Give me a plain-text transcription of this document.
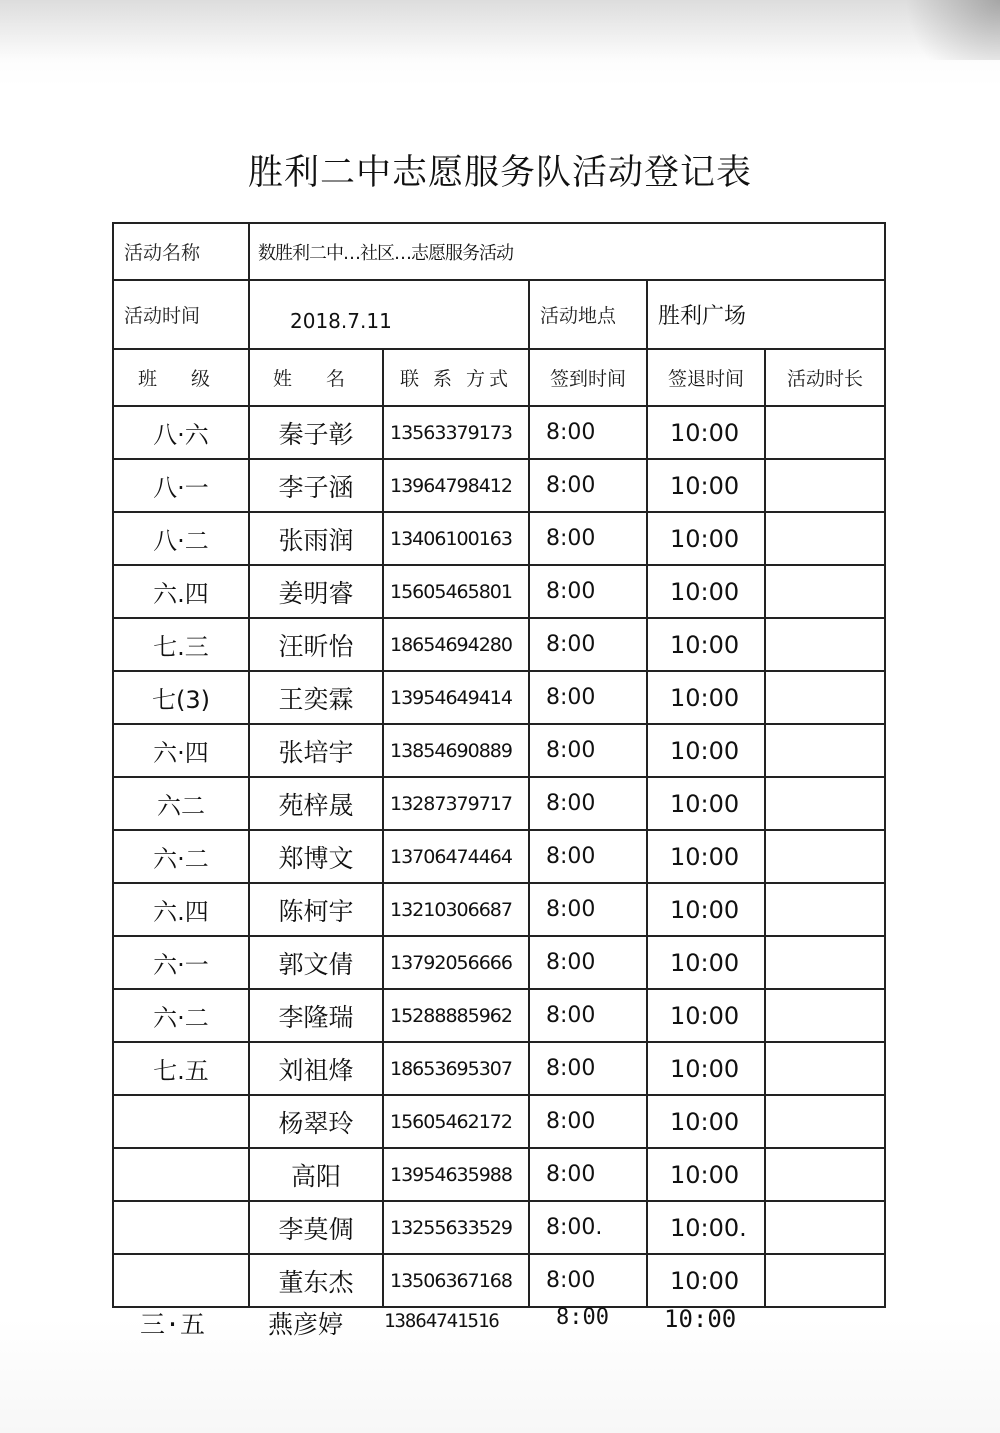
胜利二中志愿服务队活动登记表
活动名称	数胜利二中…社区…志愿服务活动				
活动时间	2018.7.11		活动地点	胜利广场	
班 级	姓 名	联 系 方式	签到时间	签退时间	活动时长
八·六	秦子彰	13563379173	8:00	10:00	
八·一	李子涵	13964798412	8:00	10:00	
八·二	张雨润	13406100163	8:00	10:00	
六.四	姜明睿	15605465801	8:00	10:00	
七.三	汪昕怡	18654694280	8:00	10:00	
七(3)	王奕霖	13954649414	8:00	10:00	
六·四	张培宇	13854690889	8:00	10:00	
六二	苑梓晟	13287379717	8:00	10:00	
六·二	郑博文	13706474464	8:00	10:00	
六.四	陈柯宇	13210306687	8:00	10:00	
六·一	郭文倩	13792056666	8:00	10:00	
六·二	李隆瑞	15288885962	8:00	10:00	
七.五	刘祖烽	18653695307	8:00	10:00	
	杨翠玲	15605462172	8:00	10:00	
	高阳	13954635988	8:00	10:00	
	李莫倜	13255633529	8:00.	10:00.	
	董东杰	13506367168	8:00	10:00	
三·五	燕彦婷	13864741516	8:00	10:00
